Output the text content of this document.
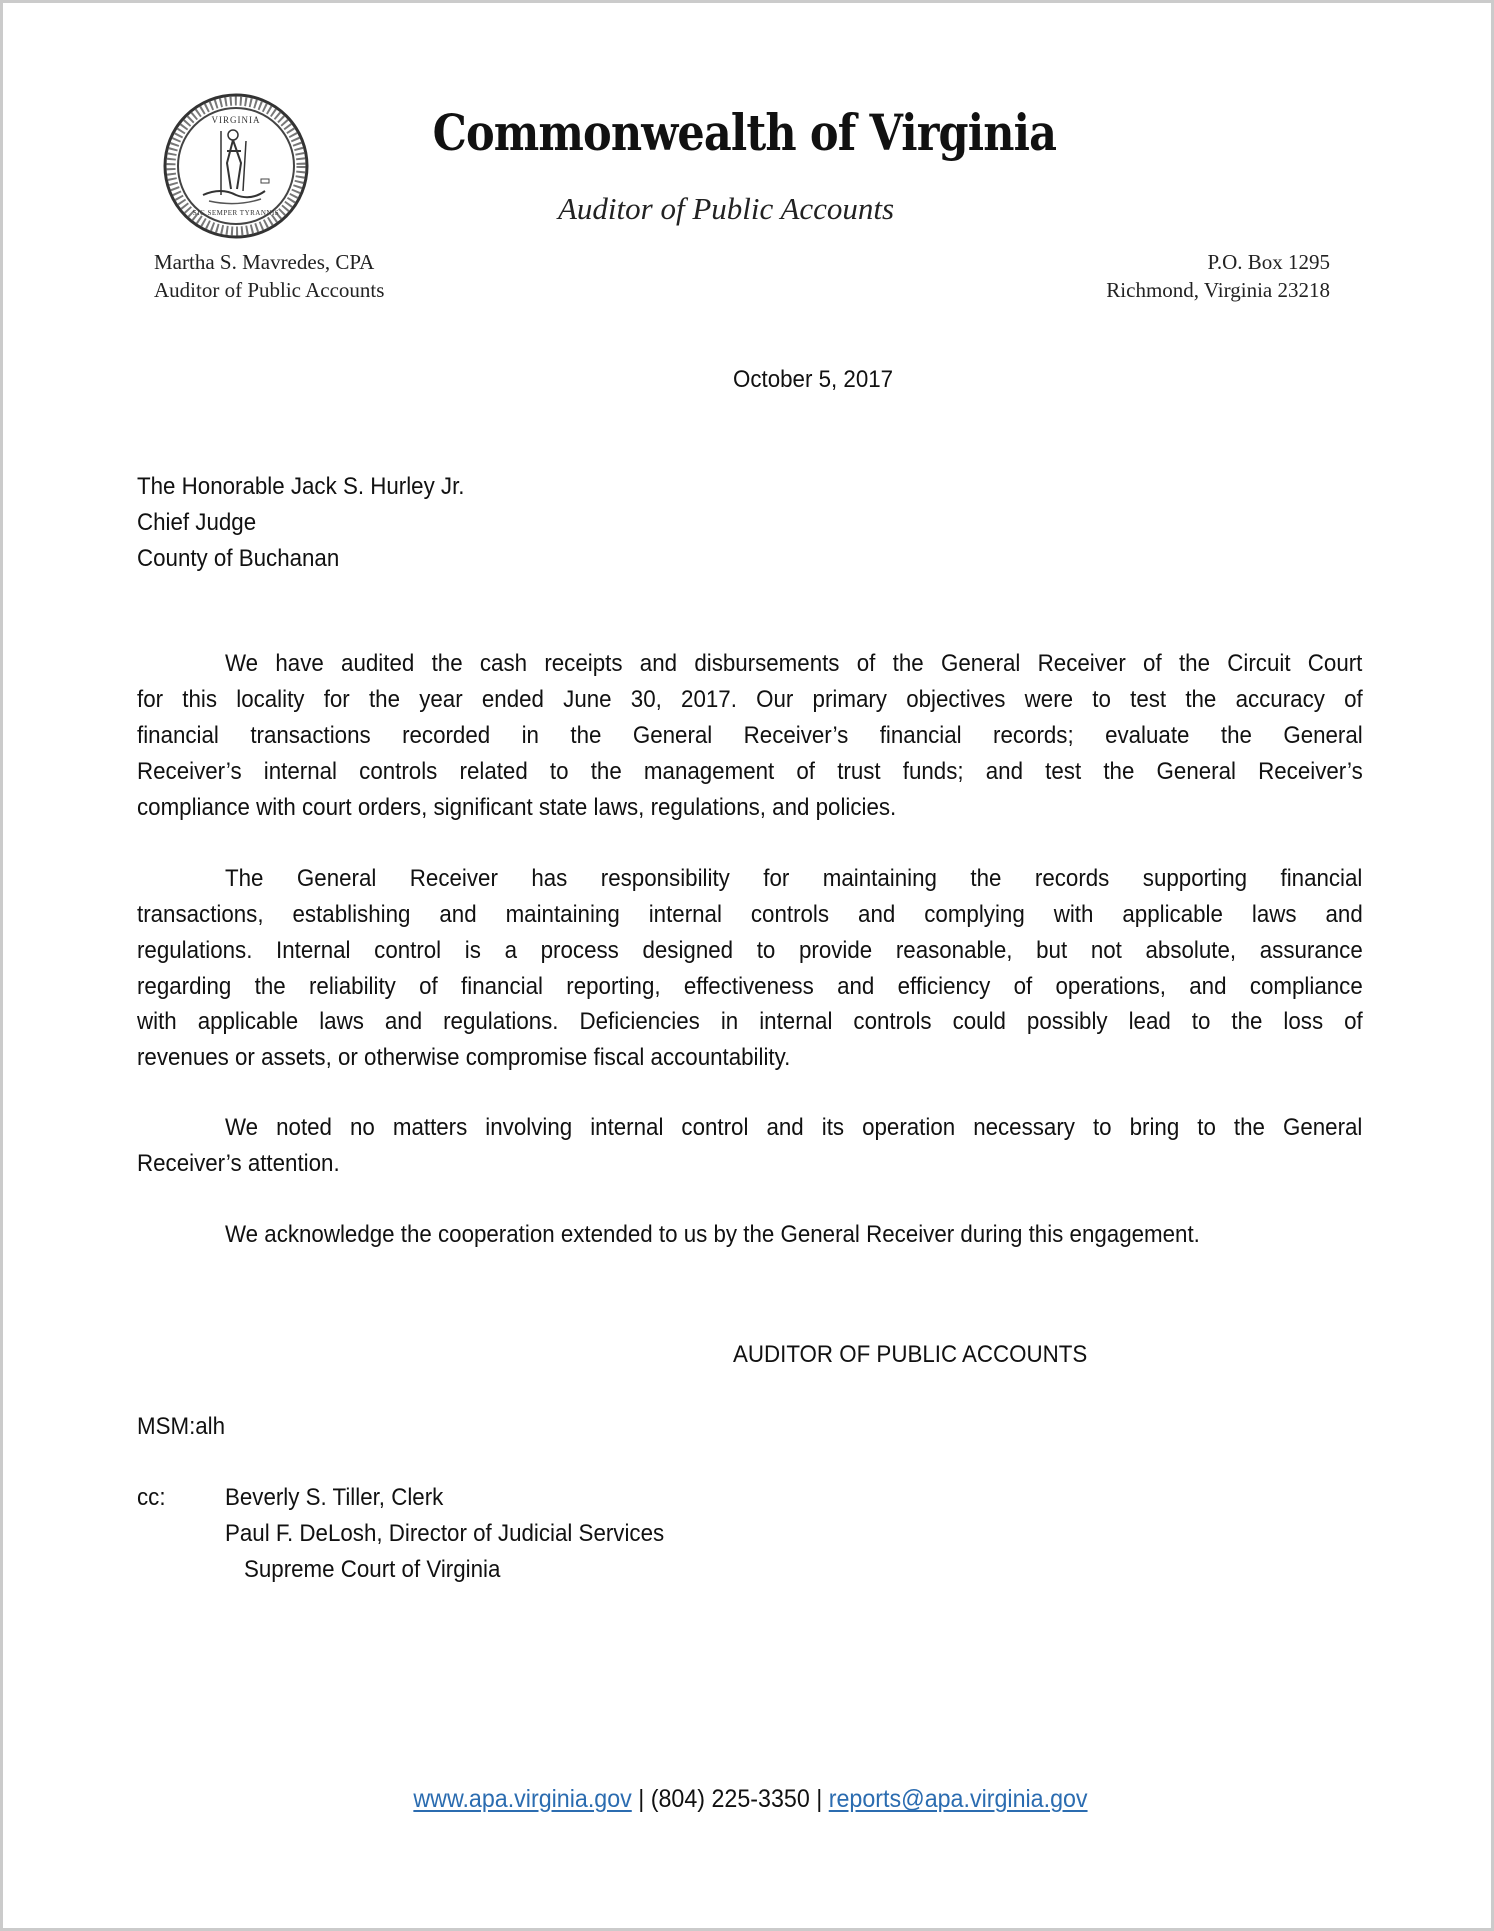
VIRGINIA
SIC SEMPER TYRANNIS
Commonwealth of Virginia
Auditor of Public Accounts
Martha S. Mavredes, CPA
Auditor of Public Accounts
P.O. Box 1295
Richmond, Virginia 23218
October 5, 2017
The Honorable Jack S. Hurley Jr.
Chief Judge
County of Buchanan
We have audited the cash receipts and disbursements of the General Receiver of the Circuit Court
for this locality for the year ended June 30, 2017. Our primary objectives were to test the accuracy of
financial transactions recorded in the General Receiver’s financial records; evaluate the General
Receiver’s internal controls related to the management of trust funds; and test the General Receiver’s
compliance with court orders, significant state laws, regulations, and policies.
The General Receiver has responsibility for maintaining the records supporting financial
transactions, establishing and maintaining internal controls and complying with applicable laws and
regulations. Internal control is a process designed to provide reasonable, but not absolute, assurance
regarding the reliability of financial reporting, effectiveness and efficiency of operations, and compliance
with applicable laws and regulations. Deficiencies in internal controls could possibly lead to the loss of
revenues or assets, or otherwise compromise fiscal accountability.
We noted no matters involving internal control and its operation necessary to bring to the General
Receiver’s attention.
We acknowledge the cooperation extended to us by the General Receiver during this engagement.
AUDITOR OF PUBLIC ACCOUNTS
MSM:alh
cc:	Beverly S. Tiller, Clerk
Paul F. DeLosh, Director of Judicial Services
Supreme Court of Virginia
www.apa.virginia.gov | (804) 225-3350 | reports@apa.virginia.gov
